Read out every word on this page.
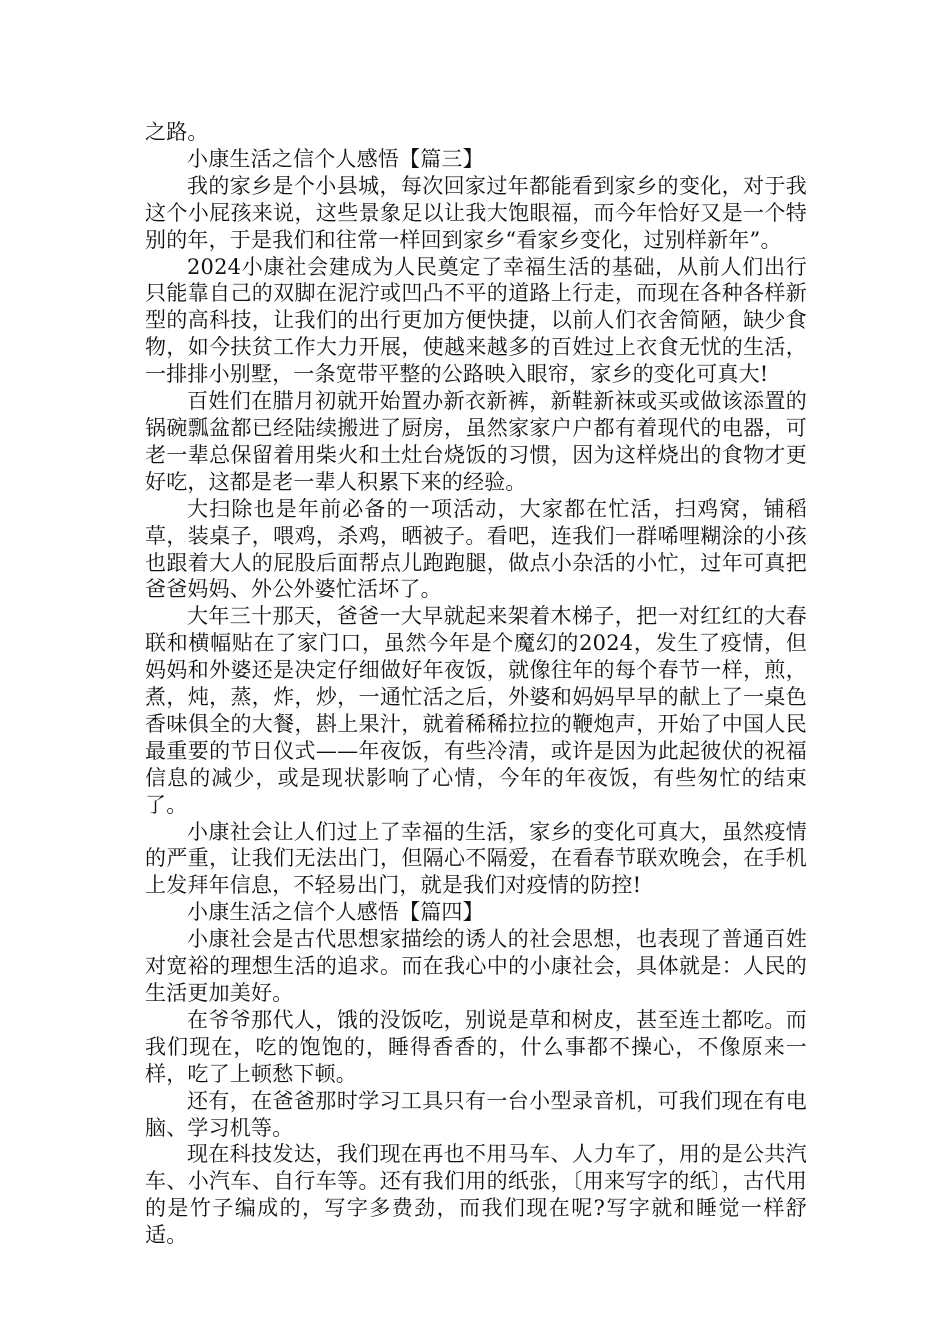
之路。

小康生活之信个人感悟【篇三】

我的家乡是个小县城，每次回家过年都能看到家乡的变化，对于我这个小屁孩来说，这些景象足以让我大饱眼福，而今年恰好又是一个特别的年，于是我们和往常一样回到家乡“看家乡变化，过别样新年”。

2024小康社会建成为人民奠定了幸福生活的基础，从前人们出行只能靠自己的双脚在泥泞或凹凸不平的道路上行走，而现在各种各样新型的高科技，让我们的出行更加方便快捷，以前人们衣舍简陋，缺少食物，如今扶贫工作大力开展，使越来越多的百姓过上衣食无忧的生活，一排排小别墅，一条宽带平整的公路映入眼帘，家乡的变化可真大!

百姓们在腊月初就开始置办新衣新裤，新鞋新袜或买或做该添置的锅碗瓢盆都已经陆续搬进了厨房，虽然家家户户都有着现代的电器，可老一辈总保留着用柴火和土灶台烧饭的习惯，因为这样烧出的食物才更好吃，这都是老一辈人积累下来的经验。

大扫除也是年前必备的一项活动，大家都在忙活，扫鸡窝，铺稻草，装桌子，喂鸡，杀鸡，晒被子。看吧，连我们一群唏哩糊涂的小孩也跟着大人的屁股后面帮点儿跑跑腿，做点小杂活的小忙，过年可真把爸爸妈妈、外公外婆忙活坏了。

大年三十那天，爸爸一大早就起来架着木梯子，把一对红红的大春联和横幅贴在了家门口，虽然今年是个魔幻的2024，发生了疫情，但妈妈和外婆还是决定仔细做好年夜饭，就像往年的每个春节一样，煎，煮，炖，蒸，炸，炒，一通忙活之后，外婆和妈妈早早的献上了一桌色香味俱全的大餐，斟上果汁，就着稀稀拉拉的鞭炮声，开始了中国人民最重要的节日仪式——年夜饭，有些冷清，或许是因为此起彼伏的祝福信息的减少，或是现状影响了心情，今年的年夜饭，有些匆忙的结束了。

小康社会让人们过上了幸福的生活，家乡的变化可真大，虽然疫情的严重，让我们无法出门，但隔心不隔爱，在看春节联欢晚会，在手机上发拜年信息，不轻易出门，就是我们对疫情的防控!

小康生活之信个人感悟【篇四】

小康社会是古代思想家描绘的诱人的社会思想，也表现了普通百姓对宽裕的理想生活的追求。而在我心中的小康社会，具体就是：人民的生活更加美好。

在爷爷那代人，饿的没饭吃，别说是草和树皮，甚至连土都吃。而我们现在，吃的饱饱的，睡得香香的，什么事都不操心，不像原来一样，吃了上顿愁下顿。

还有，在爸爸那时学习工具只有一台小型录音机，可我们现在有电脑、学习机等。

现在科技发达，我们现在再也不用马车、人力车了，用的是公共汽车、小汽车、自行车等。还有我们用的纸张，〔用来写字的纸〕，古代用的是竹子编成的，写字多费劲，而我们现在呢?写字就和睡觉一样舒适。
